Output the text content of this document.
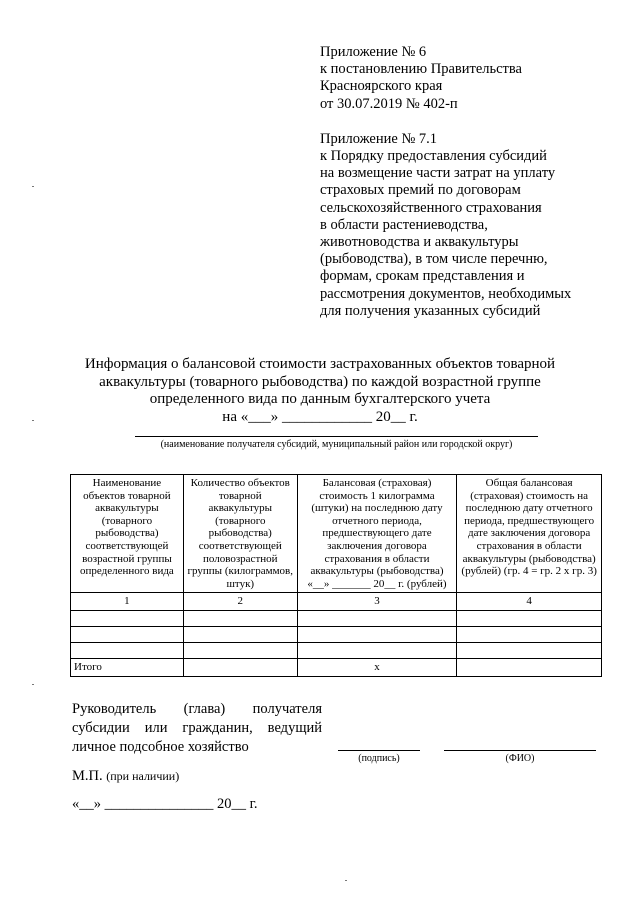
Приложение № 6

к постановлению Правительства

Красноярского края

от 30.07.2019 № 402-п

Приложение № 7.1

к Порядку предоставления субсидий

на возмещение части затрат на уплату

страховых премий по договорам

сельскохозяйственного страхования

в области растениеводства,

животноводства и аквакультуры

(рыбоводства), в том числе перечню,

формам, срокам представления и

рассмотрения документов, необходимых

для получения указанных субсидий

Информация о балансовой стоимости застрахованных объектов товарной

аквакультуры (товарного рыбоводства) по каждой возрастной группе

определенного вида по данным бухгалтерского учета

на «___» ____________ 20__ г.

(наименование получателя субсидий, муниципальный район или городской округ)
Наименование объектов товарной аквакультуры (товарного рыбоводства) соответствующей возрастной группы определенного вида	Количество объектов товарной аквакультуры (товарного рыбоводства) соответствующей половозрастной группы (килограммов, штук)	Балансовая (страховая) стоимость 1 килограмма (штуки) на последнюю дату отчетного периода, предшествующего дате заключения договора страхования в области аквакультуры (рыбоводства) «__» _______ 20__ г. (рублей)	Общая балансовая (страховая) стоимость на последнюю дату отчетного периода, предшествующего дате заключения договора страхования в области аквакультуры (рыбоводства) (рублей) (гр. 4 = гр. 2 х гр. 3)
1	2	3	4

Итого		x	

Руководитель (глава) получателя субсидии или гражданин, ведущий личное подсобное хозяйство

(подпись)	(ФИО)
М.П. (при наличии)
«__» _______________ 20__ г.
